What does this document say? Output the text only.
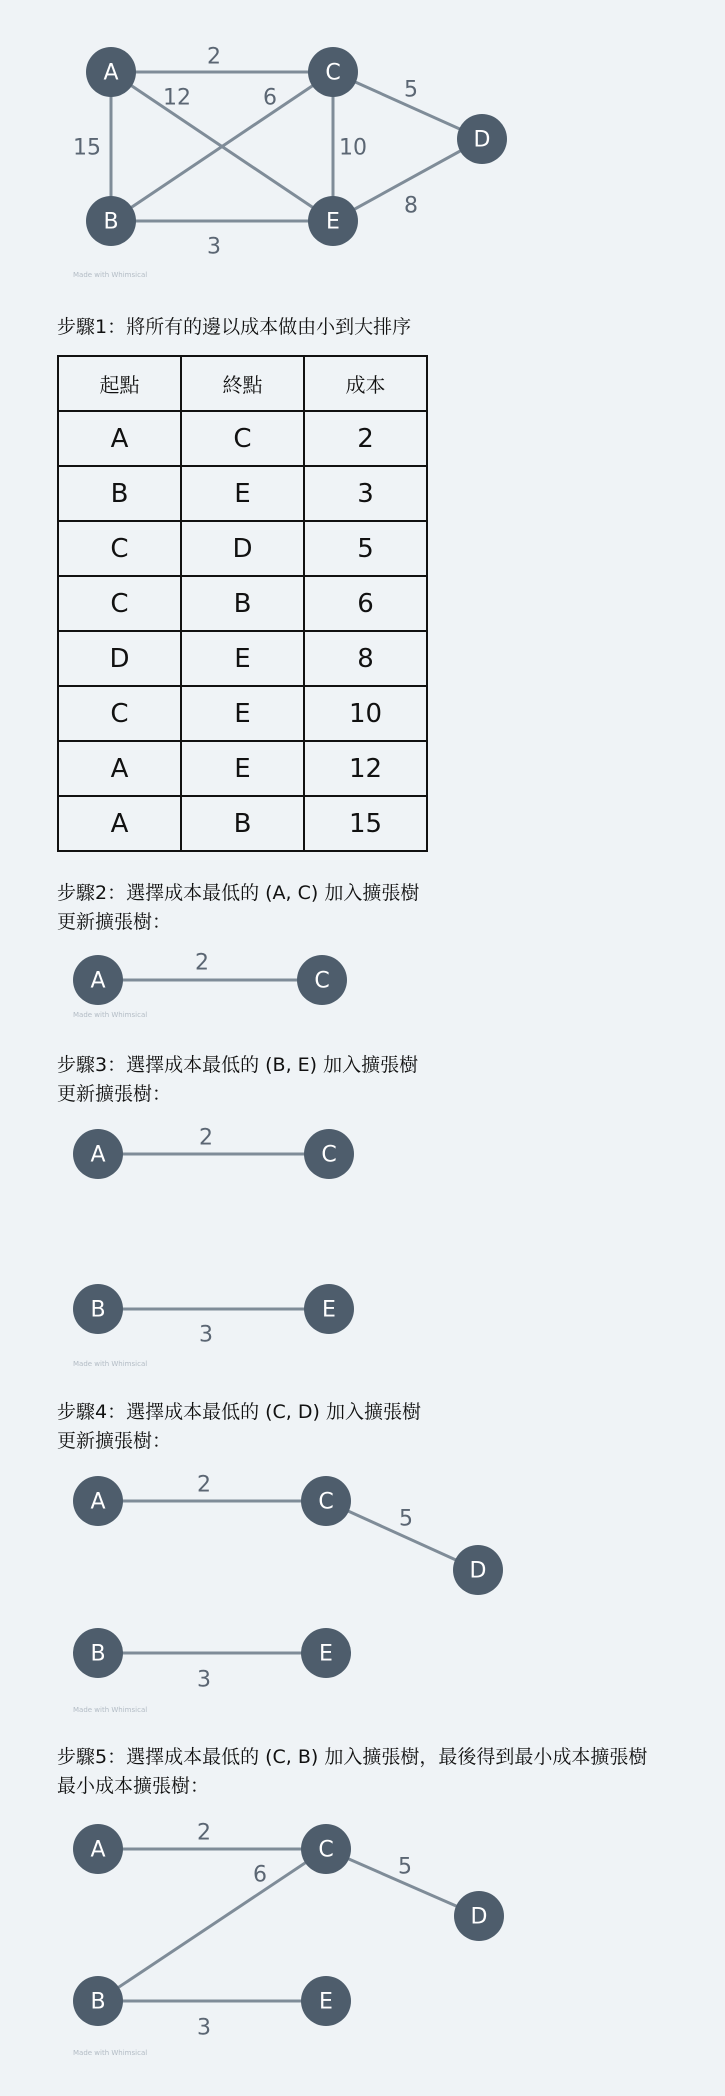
2
15
12	6
3
10
5
8
A
B
C
D
E
Made with Whimsical
步驟1：將所有的邊以成本做由小到大排序
起點	終點	成本
A	C	2
B	E	3
C	D	5
C	B	6
D	E	8
C	E	10
A	E	12
A	B	15
步驟2：選擇成本最低的 (A, C) 加入擴張樹
更新擴張樹：
2
A	C
Made with Whimsical
步驟3：選擇成本最低的 (B, E) 加入擴張樹
更新擴張樹：
2
3
A	C
B	E
Made with Whimsical
步驟4：選擇成本最低的 (C, D) 加入擴張樹
更新擴張樹：
2
5
3
A	C
D
B	E
Made with Whimsical
步驟5：選擇成本最低的 (C, B) 加入擴張樹，最後得到最小成本擴張樹
最小成本擴張樹：
2
5
6
3
A	C
D
B	E
Made with Whimsical
